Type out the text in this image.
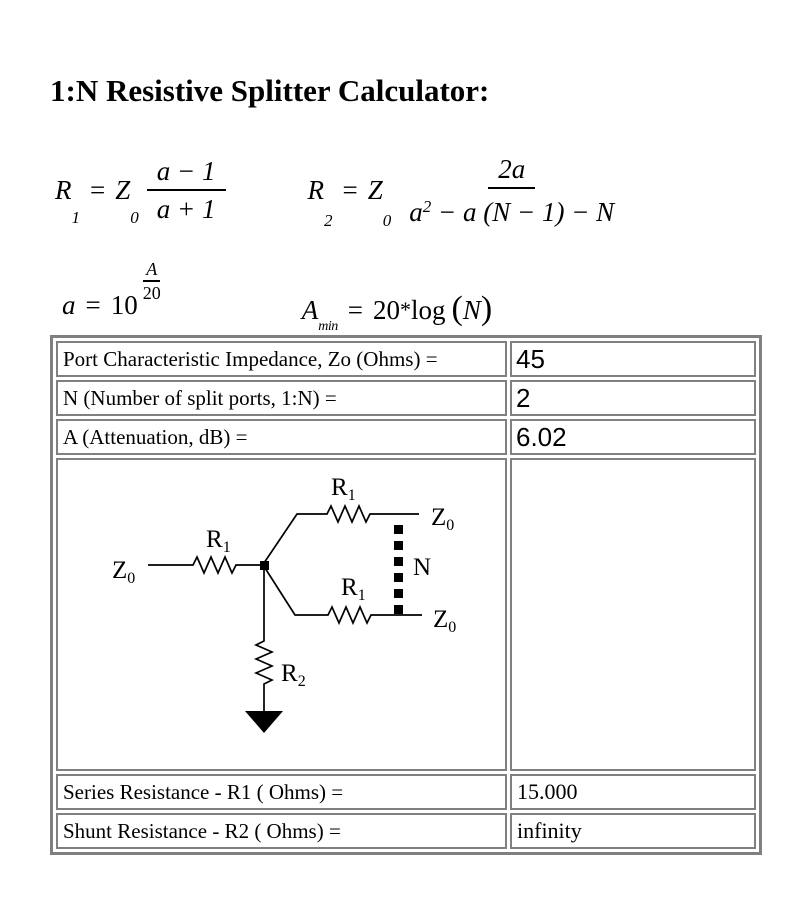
1:N Resistive Splitter Calculator:
R
1
= Z
$0 \frac{a - 1}{a + 1}$	R
2
= Z
$0 \frac{2a}{a^2 - a (N - 1) - N}$
a = 10
$\frac{A}{20}$
A
min
= 20 * log ( N )
Port Characteristic Impedance, Zo (Ohms) =	
45
N (Number of split ports, 1:N) =	
2
A (Attenuation, dB) =	
6.02

$Z_0$
$R_1$
$R_1$
$Z_0$
N
$R_1$
$Z_0$
$R_2$

Series Resistance - R1 ( Ohms) =	15.000
Shunt Resistance - R2 ( Ohms) =	infinity
